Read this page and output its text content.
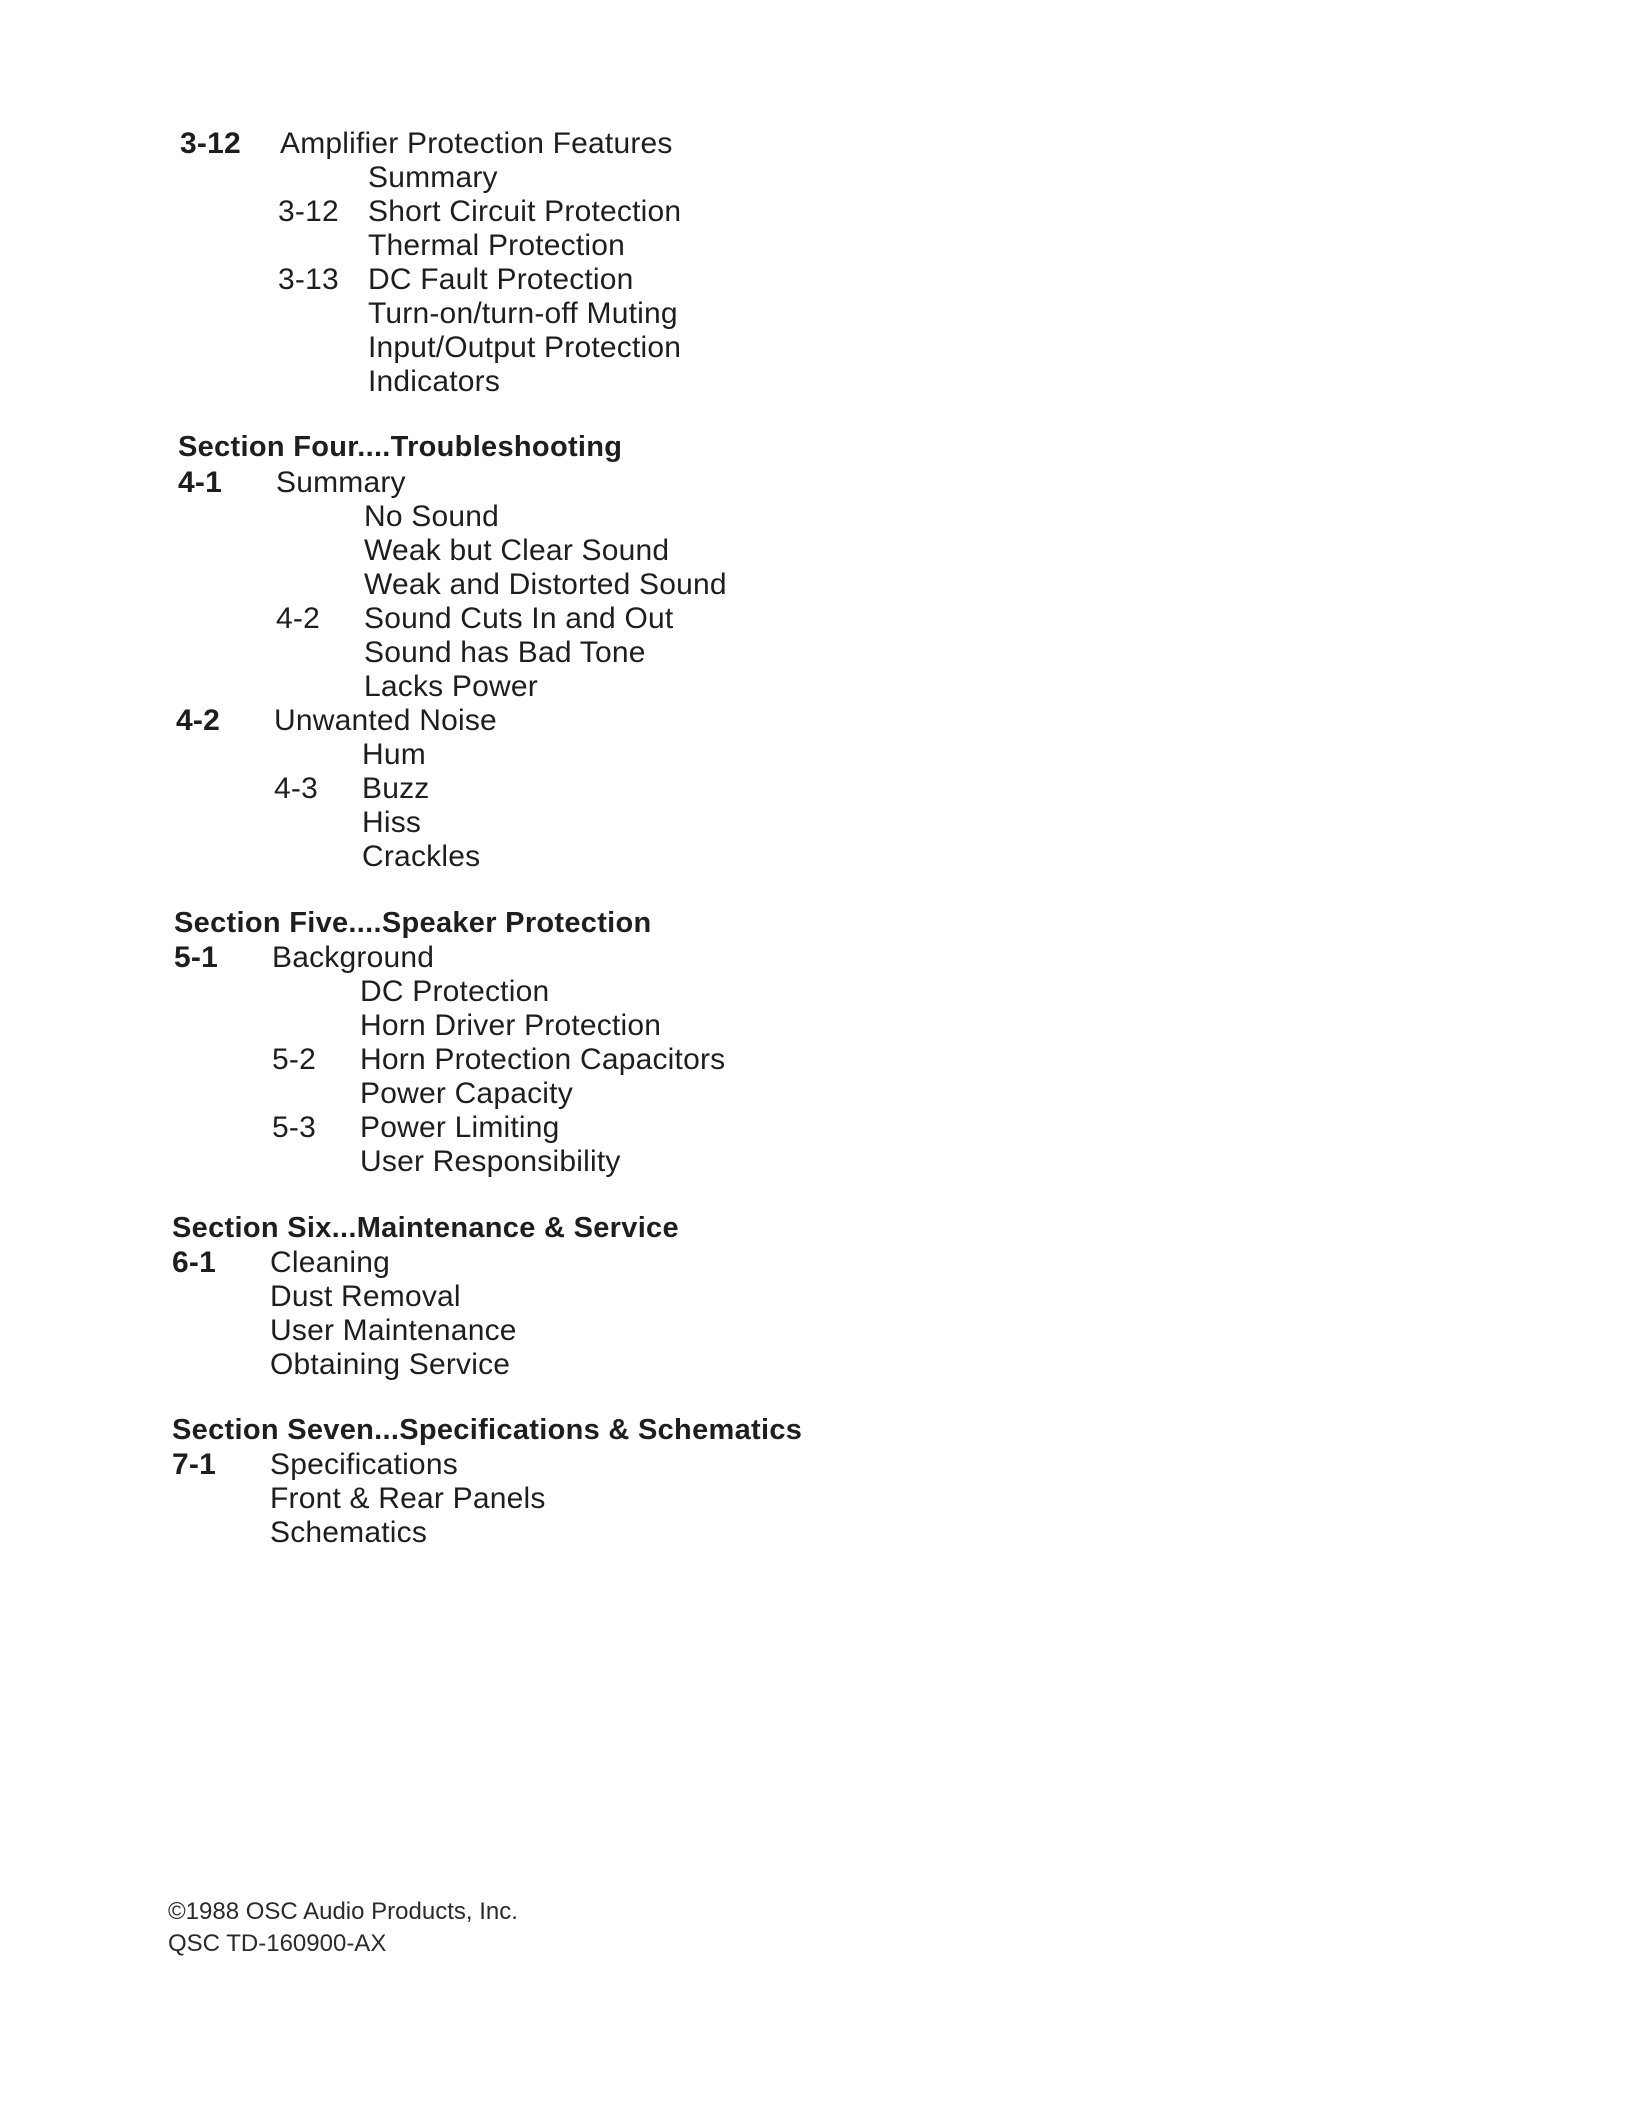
3-12 Amplifier Protection Features
Summary
3-12 Short Circuit Protection
Thermal Protection
3-13 DC Fault Protection
Turn-on/turn-off Muting
Input/Output Protection
Indicators
Section Four....Troubleshooting
4-1 Summary
No Sound
Weak but Clear Sound
Weak and Distorted Sound
4-2 Sound Cuts In and Out
Sound has Bad Tone
Lacks Power
4-2 Unwanted Noise
Hum
4-3 Buzz
Hiss
Crackles
Section Five....Speaker Protection
5-1 Background
DC Protection
Horn Driver Protection
5-2 Horn Protection Capacitors
Power Capacity
5-3 Power Limiting
User Responsibility
Section Six...Maintenance & Service
6-1 Cleaning
Dust Removal
User Maintenance
Obtaining Service
Section Seven...Specifications & Schematics
7-1 Specifications
Front & Rear Panels
Schematics
©1988 OSC Audio Products, Inc.
QSC TD-160900-AX
